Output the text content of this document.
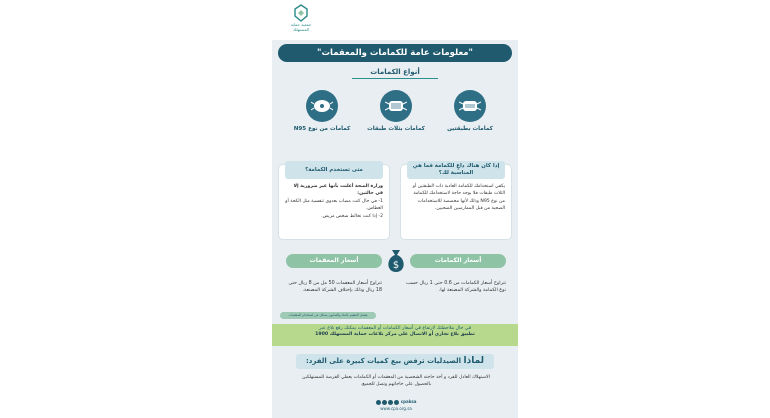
جمعية حماية المستهلك
"معلومات عامة للكمامات والمعقمات"
أنواع الكمامات
كمامات بطبقتين
كمامات بثلاث طبقات
كمامات من نوع N95
إذا كان هناك داعٍ للكمامة فما هي المناسبة لك؟
يكفي استخدامك للكمامة العادية ذات الطبقتين أو الثلاث طبقات فلا يوجد حاجة لاستخدامك للكمامة من نوع N95 وذلك لأنها مخصصة للاستخدامات الصحية من قبل الممارسين الصحيين.
متى تستخدم الكمامة؟
وزارة الصحة أعلنت بأنها غير ضرورية إلا في حالتين:
1- في حال كنت مصاب بعدوى تنفسية مثل الكحة أو العطاس.
2- إذا كنت تخالط شخص مريض.
أسعار الكمامات
أسعار المعقمات	$
تتراوح أسعار الكمامات من 0.6 حتى 1 ريال حسب نوع الكمامة والشركة المصنعة لها.
تتراوح أسعار المعقمات 50 مل من 8 ريال حتى 18 ريال وذلك بإختلاف الشركة المصنعة.
يفضل التعقيم بالماء والصابون بشكل عن استخدام المعقمات
في حال ملاحظتك لارتفاع في أسعار الكمامات أو المعقمات يمكنك رفع بلاغ عبر
تطبيق بلاغ تجاري أو الاتصال على مركز بلاغات حماية المستهلك 1900
لماذا الصيدليات ترفض بيع كميات كبيرة على الفرد:
الاستهلاك العادل للفرد و أخذ حاجته الشخصية من المعقمات أو الكمامات يعطي الفرصة للمستهلكين بالحصول على حاجاتهم وتصل للجميع.
cpaksa
www.cpa.org.sa
